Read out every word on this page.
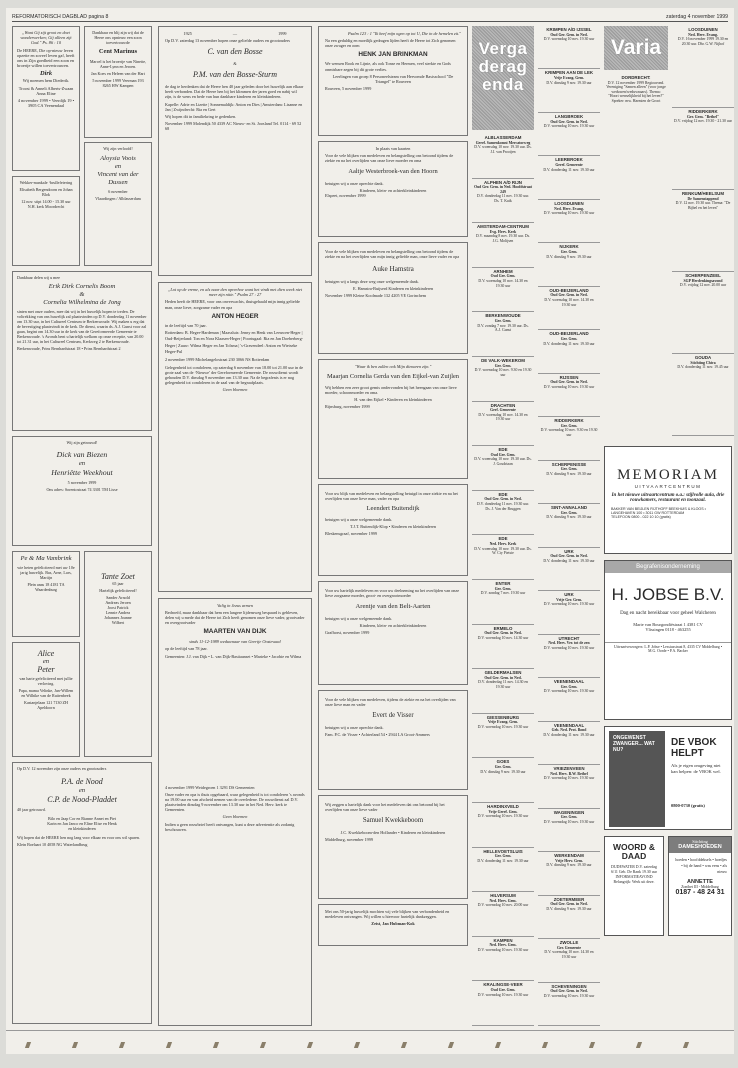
REFORMATORISCH DAGBLAD pagina 8	zaterdag 4 november 1999
„Want Gij zijt groot en doet wonderwerken; Gij alleen zijt God." Ps. 86 : 10
De HEERE, Die op-nieuw leven opzette en zoveel leven gaf, heeft ons in Zijn goedheid een zoon en broertje willen toevertrouwen.
Dirk
Wij noemen hem Diederik.
Troost & Anneli Alberts-Zwaan Anna Eline
4 november 1999 • Veerdijk 19 • 3905 CA Veenendaal
Dankbaar en blij zijn wij dat de Heere ons opnieuw een zoon toevertrouwde
Cent Marinus
Marcel is het broertje van Ninette, Anne-Lynn en Jeroen.
Jan Koes en Heleen van der Hart
5 november 1999 Veerman 193 8265 HW Kampen
Wekker-mankale ‘brullefeiering
Elisabeth Bergendoorn en Johan Blok
12 nov. stipt 14.00 - 15.30 uur N.H. kerk Moordrecht
Wij zijn verloofd!
Aloysia Voois
en
Vincent van der Dussen
6 november
Vlaardingen / Alblasserdam
Dankbaar delen wij u mee
Erik Dirk Cornelis Boom
&
Cornelia Wilhelmina de Jong
sinten met onze ouders, mee dat wij in het huwelijk hopen te treden. De voltrekking van ons huwelijk zal plaatsvinden op D.V. donderdag 11 november om 13.30 uur, in het Cultureel Centrum te Berkenwoude. Wij maken u erg dat de bevestiging plaatsvindt in de kerk. De dienst, waarin ds. A.J. Gunst voor zal gaan, begint om 14.30 uur in de kerk van de Gereformeerde Gemeente te Berkenwoude. 's Avonds bent u hartelijk welkom op onze receptie, van 20.00 tot 21.31 uur, in het Cultureel Centrum, Kerkweg 2 te Berkenwoude.
Berkenwoude, Prins Bernhardstraat 18 • Prins Bernhardstraat 2
Wij zijn getrouwd!
Dick van Biezen
en
Henriëtte Weekhout
5 november 1999
Ons adres: Sorentostraat 74 3301 TM Lisse
Pe & Ma Vambrink
wie heten gefeliciteerd met uw 10e jarig huwelijk. Bas, Arne, Lars, Martijn
Plein anas 18 4181 TA Waardenburg
Tante Zoet
65 jaar
Hartelijk gefeliciteerd!
Sander Arnold Andreas Jeroen Joost Patrick Lennie Andrea Johannes Joanne Wilbert
Alice
en
Peter
van harte gefeliciteerd met jullie verloving.
Papa, mama Velinke, Jan-Willem en Wilhike van de Ruitenbeek
Kastanjelaan 121 7130 ZH Apeldoorn
Op D.V. 12 november zijn onze ouders en grootouders
P.A. de Nood
en
C.P. de Nood-Pladdet
40 jaar getrouwd.
Bilo en Jaap Cor en Rianne Annet en Piet Karin en Jan Janco en Eline Elise en Henk en kleinkinderen
Wij hopen dat de HEERE hen nog lang voor elkaar en voor ons wil sparen.
Klein Boelaart 10 4058 NG Waterlandbrug
1925 — 1999
Op D.V. zaterdag 13 november hopen onze geliefde ouders en grootouders
C. van den Bosse
&
P.M. van den Bosse-Sturm
de dag te herdenken dat de Heere hen 40 jaar geleden door het huwelijk aan elkaar heeft verbonden. Dat de Heere hen bij het klimmen der jaren goed en nabij wil zijn, is de wens en bede van hun dankbare kinderen en kleinkinderen.
Kapelle: Adrie en Lizette | Sonnemaldijk: Anton en Dies | Amsterdam: Lisanne en Jan | Zwijndrecht: Ria en Gert
Wij hopen dit in familiekring te gedenken.
November 1999 Molendijk 50 4339 AC Nieuw- en St. Joosland Tel. 0114 - 69 52 68
„Lot op de vreme, en als naar den opreehoe want het vindt met dien week niet meer zijn nitie." Psalm 27 : 27
Heden heeft de HEERE, voor ons onverwachts, thuisgehaald mijn innig geliefde man, onze lieve, zorgzame vader en opa
ANTON HEGER
in de leeftijd van 70 jaar.
Rotterdam: B. Heger-Hardeman | Maassluis: Jenny en Henk van Leeuwen-Heger | Oud-Beijerland: Ton en Nora Klaasen-Heger | Poortugaal: Ria en Jan Doeberberg-Heger | Zuuw: Wilma Heger en Jan Tolsma | 's-Gravendeel: Anton en Wietseke Heger-Pul
2 november 1999 Michelangelostraat 230 3066 NS Rotterdam
Gelegenheid tot condoleren, op zaterdag 6 november van 18.00 tot 21.00 uur in de grote zaal van de ‘Nieuwe’ der Gereformeerde Gemeente. De rouwdienst wordt gehouden D.V. dinsdag 9 november om 13.30 uur. Na de begrafenis is er nog gelegenheid tot condoleren in de zaal van de begraafplaats.
Geen bloemen
Valig in Jezus armen
Bedroefd, maar dankbaar dat hem een langere lijdensweg bespaard is gebleven, delen wij u mede dat de Heere tot Zich heeft genomen onze lieve vader, grootvader en overgrootvader
MAARTEN VAN DIJK
sinds 11-12-1989 weduwnaar van Geertje Oostewaal
op de leeftijd van 78 jaar.
Gemeenten: J.J. van Dijk • L. van Dijk-Bastiaanset • Marieke • Jacobie en Wilma
4 november 1999 Weidegroen 1 3291 DS Gemeenten
Onze vader en opa is thuis opgebaard, waar gelegenheid is tot condoleren 's avonds na 19.00 uur en van afscheid nemen van de overledene. De rouwdienst zal D.V. plaatsvinden dinsdag 9 november om 13.30 uur in het Ned. Herv. kerk te Gemeenten.
Geen bloemen
Indien u geen rouwbrief heeft ontvangen, kunt u deze advertentie als zodanig beschouwen.
Psalm 123 : 1 "Ik heef mijn ogen op tot U, Die in de hemelen zit."
Na een geduldig en moeilijk gedragen lijden heeft de Heere tot Zich genomen onze zwager en oom
HENK JAN BRINKMAN
We wensen Rook en Lijnie, als ook Tonse en Hermen, veel sterkte en Gods onmisbare zegen bij dit grote verlies.
Leerlingen van groep 8 Personeelsteam van Hervomde Basisschool "De Triangel" te Rouveen
Rouveen, 5 november 1999
In plaats van kaarten
Voor de vele blijken van medeleven en belangstelling ons betoond tijdens de ziekte en na het overlijden van onze lieve moeder en oma
Aaltje Westerbroek-van den Hoorn
betuigen wij u onze oprechte dank.
Kinderen, klein- en achterkleinkinderen
Elspeet, november 1999
Voor de vele blijken van medeleven en belangstelling ons betoond tijdens de ziekte en na het overlijden van mijn innig geliefde man, onze lieve vader en opa
Auke Hamstra
betuigen wij u langs deze weg onze welgemeende dank.
E. Hamstra-Buijserd Kinderen en kleinkinderen
November 1999 Kleine Koolmade 132 4205 VE Gorinchem
"Waar ik ben zullen ook Mijn dienaren zijn."
Maarjan Cornelia Gerda van den Eijkel-van Zuijlen
Wij hebben een zeer groot gemis ondervonden bij het heengaan van onze lieve moeder, schoonmoeder en oma.
H. van den Eijkel • Kinderen en kleinkinderen
Rijnsburg, november 1999
Voor uw blijk van medeleven en belangstelling betuigd in onze ziekte en na het overlijden van onze lieve man, vader en opa
Leendert Buitendijk
betuigen wij u onze welgemeende dank.
T.J.T. Buitendijk-Klop • Kinderen en kleinkinderen
Bleskensgraaf, november 1999
Voor uw hartelijk medeleven en voor uw deelneming na het overlijden van onze lieve zorgzame moeder, groot- en overgrootmoeder
Arentje van den Belt-Aarten
betuigen wij u onze welgemeende dank.
Kinderen, klein- en achterkleinkinderen
Grafhorst, november 1999
Voor de vele blijken van medeleven, tijdens de ziekte en na het overlijden van onze lieve man en vader
Evert de Visser
betuigen wij u onze oprechte dank.
Fam. P.C. de Visser • Achterland 54 • 2944 LA Groot-Ammers
Wij zeggen u hartelijk dank voor het medeleven dat ons betoond bij het overlijden van onze lieve vader
Samuel Kwekkeboom
J.C. Kwekkeboom-den Hollander • Kinderen en kleinkinderen
Middelburg, november 1999
Met ons 50-jarig huwelijk mochten wij vele blijken van verbondenheid en medeleven ontvangen. Wij willen u hiervoor hartelijk dankzeggen.
Zeist, Jan Hubman-Kok
Vergaderagenda
ALBLASSERDAM
Geref. Samenkomst Mercatorweg
D.V. woensdag 10 nov. 19.30 uur. Ds. J.J. van Prooijen
ALPHEN A/D RIJN
Oud Ger. Gem. in Ned. Hoofdstraat 249
D.V. donderdag 11 nov. 19.30 uur. Ds. T. Kuik
AMSTERDAM-CENTRUM
Evg. Herv. Kerk
D.V. maandag 8 nov. 19.30 uur. Ds. J.G. Molijsen
ARNHEM
Oud Ger. Gem.
D.V. woensdag 10 nov. 14.30 en 19.30 uur
BERKENWOUDE
Ger. Gem.
D.V. zondag 7 nov. 19.30 uur. Ds. A.J. Gunst
DE VALK-WEKEROM
Ger. Gem.
D.V. woensdag 10 nov. 9.30 en 19.30 uur
DRACHTEN
Gerf. Gemeente
D.V. woensdag 10 nov. 14.30 en 19.30 uur
EDE
Oud Ger. Gem.
D.V. woensdag 10 nov. 19.30 uur. Ds. J. Goudriaan
EDE
Oud Ger. Gem. in Ned.
D.V. donderdag 11 nov. 19.30 uur. Ds. J. Van der Bruggen
EDE
Ned. Herv. Kerk
D.V. woensdag 10 nov. 19.30 uur. Ds. W. Cty Pietsie
ENTER
Ger. Gem.
D.V. zondag 7 nov. 19.30 uur
ERMELO
Oud Ger. Gem. in Ned.
D.V. woensdag 10 nov. 14.30 uur
GELDERMALSEN
Oud Ger. Gem. in Ned.
D.V. donderdag 11 nov. 14.30 en 19.30 uur
GIESSENBURG
Vrije Evang. Gem.
D.V. woensdag 10 nov. 19.30 uur
GOES
Ger. Gem.
D.V. dinsdag 9 nov. 19.30 uur
HARDINXVELD
Vrije Geref. Gem.
D.V. woensdag 10 nov. 19.30 uur
HELLEVOETSLUIS
Ger. Gem.
D.V. donderdag 11 nov. 19.30 uur
HILVERSUM
Ned. Herv. Gem.
D.V. woensdag 10 nov. 20.00 uur
KAMPEN
Ned. Herv. Gem.
D.V. woensdag 10 nov. 19.30 uur
KRALINGSE-VEER
Oud Ger. Gem.
D.V. woensdag 10 nov. 19.30 uur
KRIMPEN A/D IJSSEL
Oud Ger. Gem. in Ned.
D.V. woensdag 10 nov. 19.30 uur
KRIMPEN AAN DE LEK
Vrije Evang. Gem.
D.V. dinsdag 9 nov. 19.30 uur
LANGBROEK
Oud Ger. Gem. in Ned.
D.V. woensdag 10 nov. 19.30 uur
LEERBROEK
Geref. Gemeente
D.V. donderdag 11 nov. 19.30 uur
LOOSDUINEN
Ned. Herv. Evang.
D.V. woensdag 10 nov. 19.30 uur
NIJKERK
Ger. Gem.
D.V. dinsdag 9 nov. 19.30 uur
OUD-BEIJERLAND
Oud Ger. Gem. in Ned.
D.V. woensdag 10 nov. 14.30 en 19.30 uur
OUD-BEIJERLAND
Ger. Gem.
D.V. donderdag 11 nov. 19.30 uur
RIJSSEN
Oud Ger. Gem. in Ned.
D.V. woensdag 10 nov. 19.30 uur
RIDDERKERK
Ger. Gem.
D.V. woensdag 10 nov. 9.30 en 19.30 uur
SCHERPENISSE
Ger. Gem.
D.V. dinsdag 9 nov. 19.30 uur
SINT-ANNALAND
Ger. Gem.
D.V. dinsdag 9 nov. 19.30 uur
URK
Oud Ger. Gem. in Ned.
D.V. donderdag 11 nov. 19.30 uur
URK
Vrije Ger. Gem.
D.V. woensdag 10 nov. 19.30 uur
UTRECHT
Ned. Herv. Ver. tot de zen
D.V. woensdag 10 nov. 19.30 uur
VEENENDAAL
Ger. Gem.
D.V. woensdag 10 nov. 19.30 uur
VEENENDAAL
Geb. Ned. Prot. Bond
D.V. donderdag 11 nov. 19.30 uur
VRIEZENVEEN
Ned. Herv. B.W. Bethel
D.V. woensdag 10 nov. 19.30 uur
WAGENINGEN
Ger. Gem.
D.V. woensdag 10 nov. 19.30 uur
WERKENDAM
Vrije Herv. Gem.
D.V. dinsdag 9 nov. 19.30 uur
ZOETERMEER
Oud Ger. Gem. in Ned.
D.V. dinsdag 9 nov. 19.30 uur
ZWOLLE
Ger. Gemeente
D.V. woensdag 10 nov. 14.30 en 19.30 uur
SCHEVENINGEN
Oud Ger. Gem. in Ned.
D.V. woensdag 10 nov. 19.30 uur
Varia
DORDRECHT:
D.V. 12 november 1999 Regioavond. Vereniging "Samen alleen" (voor jonge weduwen/weduwnaars). Thema: "Hoort wenselijkheid bij het leven?" Spreker: mw. Harmien de Groot
LOOSDUINEN
Ned. Herv. Evang.
D.V. 16 november 1999 19.30 en 20.30 uur. Dhr. G.W. Nijhof
RIDDERKERK
Ger. Gem. "Bethel"
D.V. vrijdag 12 nov. 19.30 - 21.30 uur
RENKUM/HEELSUM
De Samenstappend
D.V. 12 nov. 19.30 uur. Thema: "De Bijbel en het leven"
SCHERPENZEEL
SGP Herdenkingsavond
D.V. vrijdag 12 nov. 20.00 uur
GOUDA
Stichting Chiva
D.V. donderdag 11 nov. 19.45 uur
MEMORIAM
UITVAARTCENTRUM
In het nieuwe uitvaartcentrum o.a.: stijlvolle aula, drie rouwkamers, restaurant en toonzaal.
BAKKER VAN BEIJLEN RIJTHOFF BEEKHUIS & KLOOS • LANGEHAVEN 100 • 3011 GW ROTTERDAM
TELEFOON 0800 - 022 10 10 (gratis)
Begrafenisonderneming
H. JOBSE B.V.
Dag en nacht bereikbaar voor geheel Walcheren
Marie van Bourgondiëstraat 1 4381 CV Vlissingen 0118 - 463255
Uitvaartverzorgers: L.P. Jobse • Lessiusstraat 8, 4335 CV Middelburg • M.G. Oorde • P.A. Backer
ONGEWENST ZWANGER... WAT NU?
DE VBOK HELPT
Als je eigen omgeving niet kan helpen: de VBOK wel.
0800-0730 (gratis)
WOORD & DAAD
DUDEWATER D.V. zaterdag 6/11 Geb. De Rank 19.30 uur INFORMATIEAVOND Belangrijk: Werk uit deze.
Stichting
DAMESHOEDEN
hoeden • hoofddeksels • hoedjes • bij de hand • was eens • als nieuw
ANNETTE
Zonibet III - Middelburg
0187 - 48 24 31
